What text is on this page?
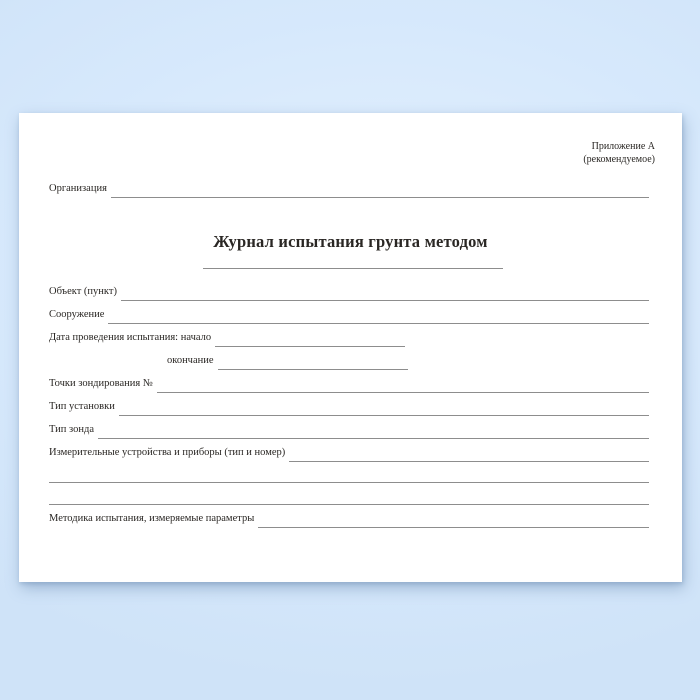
Приложение А
(рекомендуемое)
Организация
Журнал испытания грунта методом
Объект (пункт)
Сооружение
Дата проведения испытания: начало
окончание
Точки зондирования №
Тип установки
Тип зонда
Измерительные устройства и приборы (тип и номер)
Методика испытания, измеряемые параметры
